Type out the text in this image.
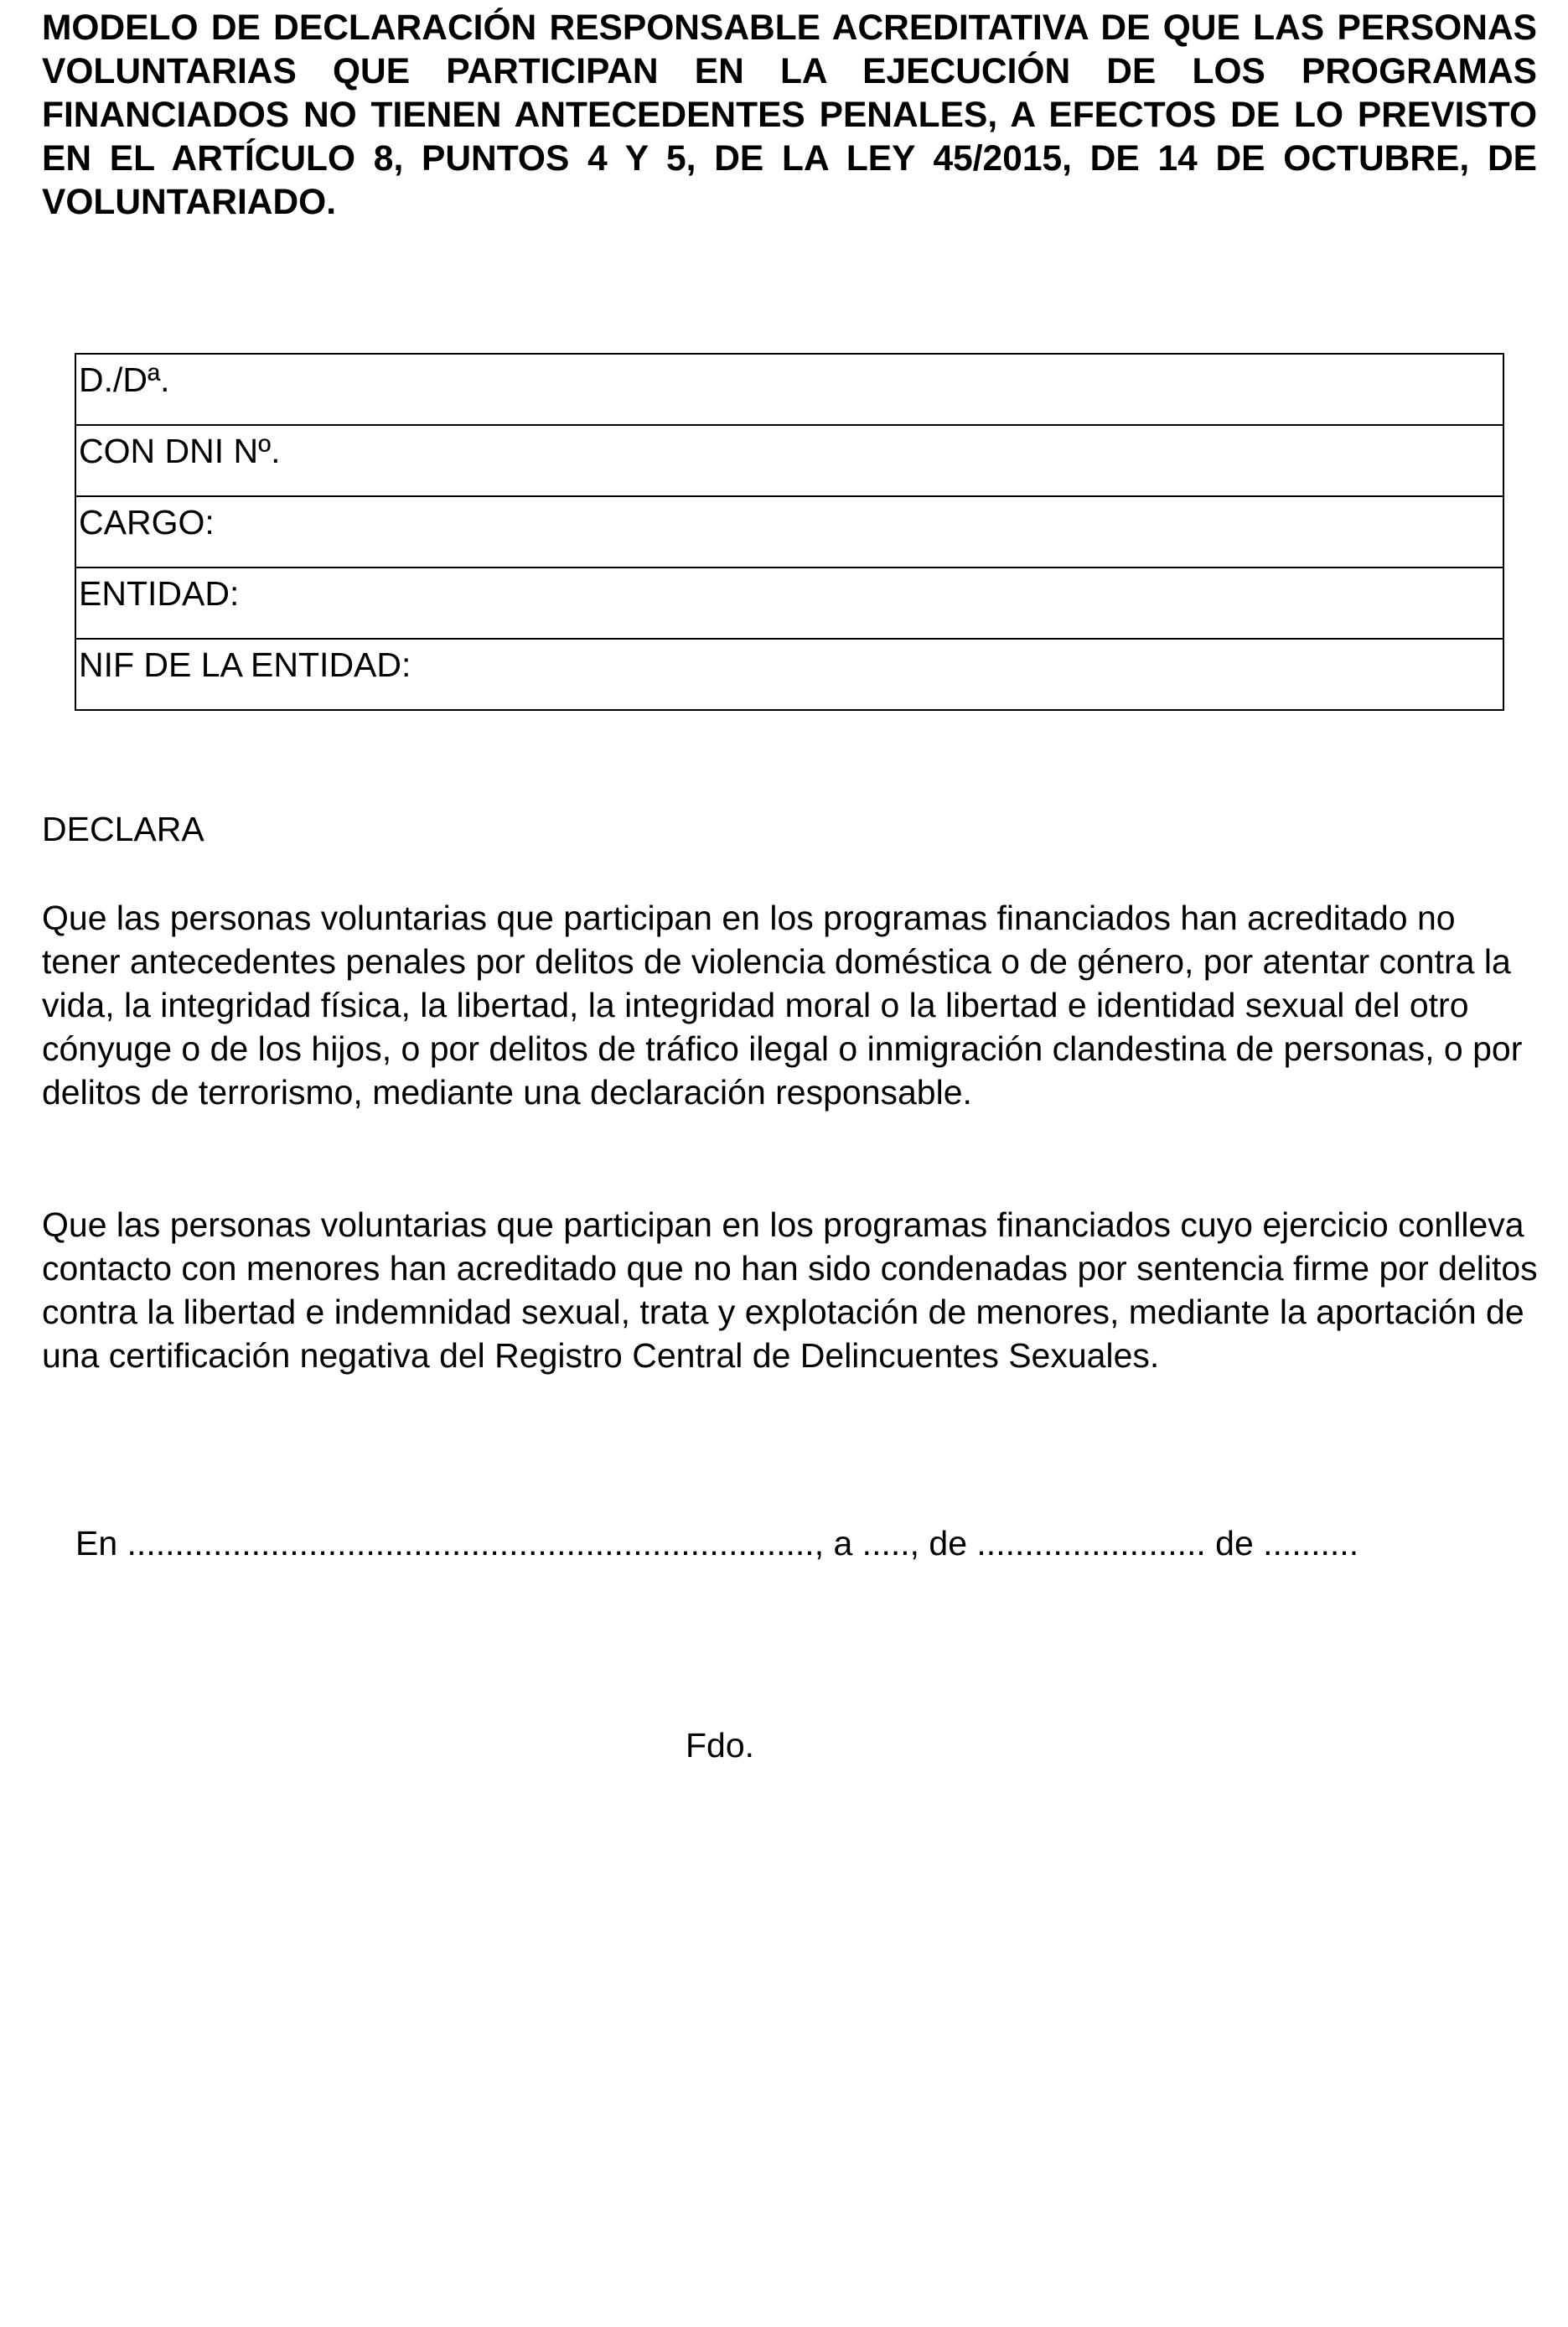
MODELO DE DECLARACIÓN RESPONSABLE ACREDITATIVA DE QUE LAS PERSONAS VOLUNTARIAS QUE PARTICIPAN EN LA EJECUCIÓN DE LOS PROGRAMAS FINANCIADOS NO TIENEN ANTECEDENTES PENALES, A EFECTOS DE LO PREVISTO EN EL ARTÍCULO 8, PUNTOS 4 Y 5, DE LA LEY 45/2015, DE 14 DE OCTUBRE, DE VOLUNTARIADO.

D./Dª.

CON DNI Nº.

CARGO:

ENTIDAD:

NIF DE LA ENTIDAD:

DECLARA

Que las personas voluntarias que participan en los programas financiados han acreditado no tener antecedentes penales por delitos de violencia doméstica o de género, por atentar contra la vida, la integridad física, la libertad, la integridad moral o la libertad e identidad sexual del otro cónyuge o de los hijos, o por delitos de tráfico ilegal o inmigración clandestina de personas, o por delitos de terrorismo, mediante una declaración responsable.

Que las personas voluntarias que participan en los programas financiados cuyo ejercicio conlleva contacto con menores han acreditado que no han sido condenadas por sentencia firme por delitos contra la libertad e indemnidad sexual, trata y explotación de menores, mediante la aportación de una certificación negativa del Registro Central de Delincuentes Sexuales.

En ........................................................................, a ....., de ........................ de ..........

Fdo.
